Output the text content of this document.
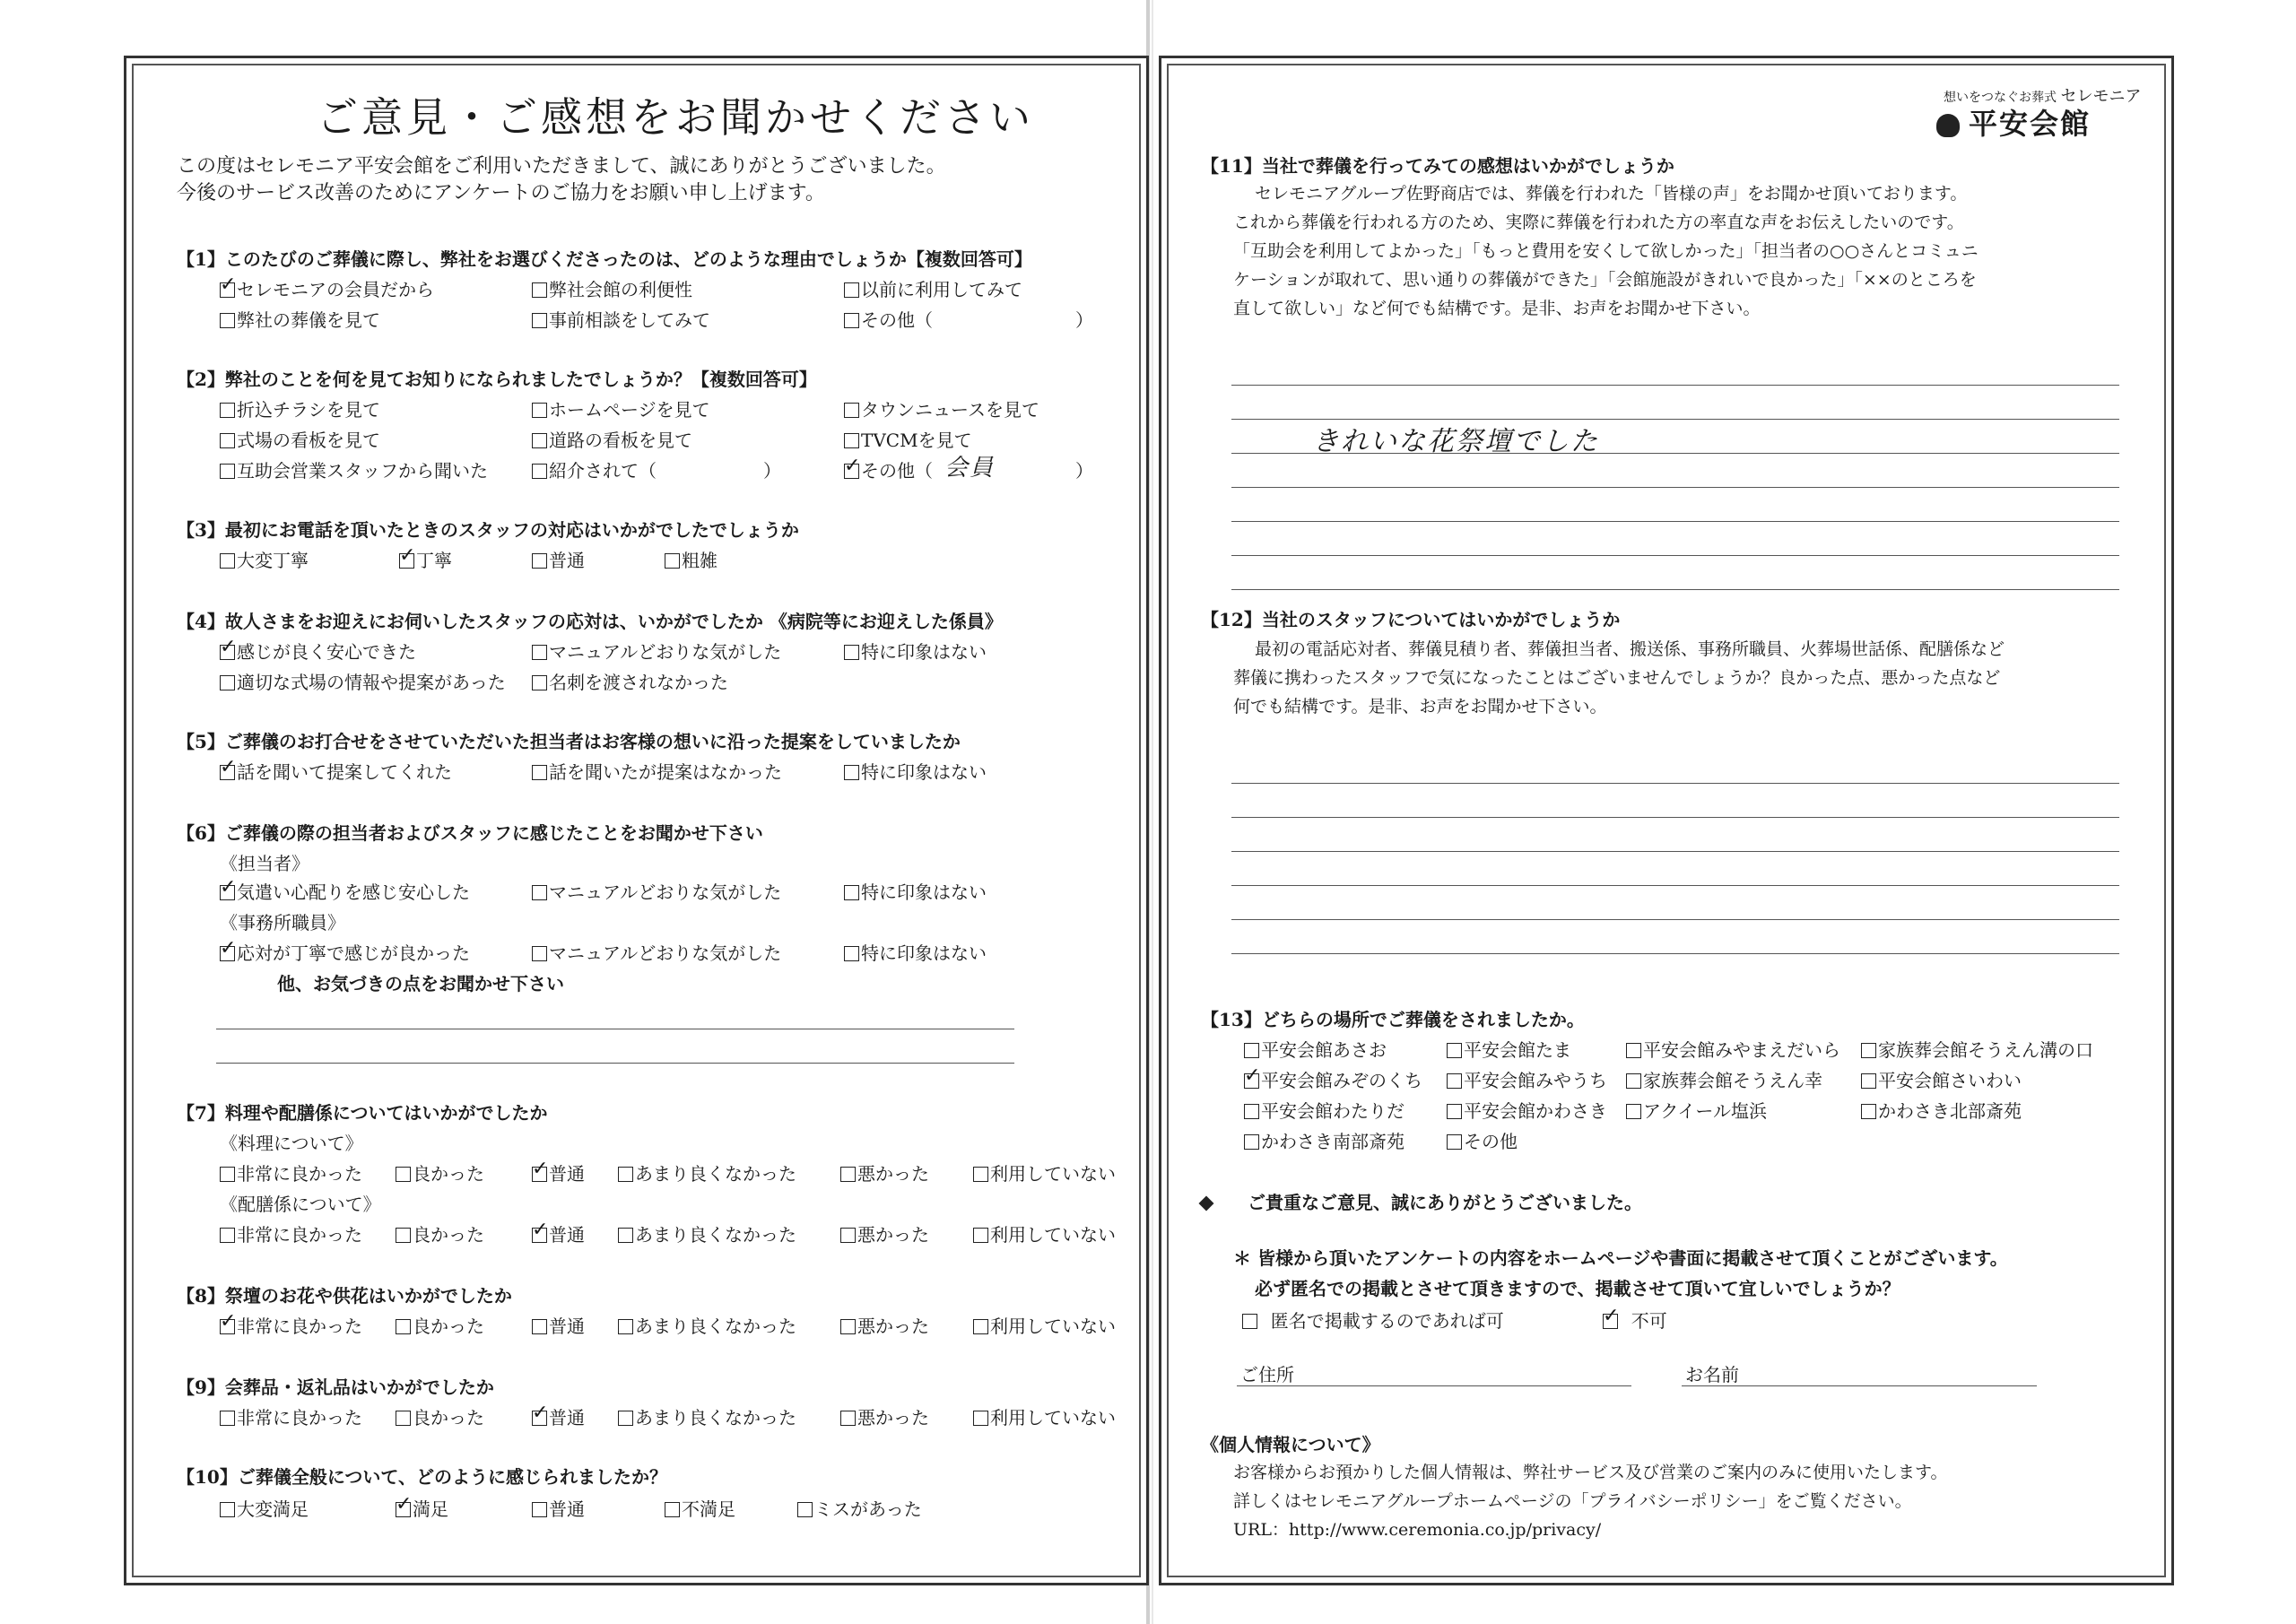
ご意見・ご感想をお聞かせください
この度はセレモニア平安会館をご利用いただきまして、誠にありがとうございました。
今後のサービス改善のためにアンケートのご協力をお願い申し上げます。
【1】このたびのご葬儀に際し、弊社をお選びくださったのは、どのような理由でしょうか【複数回答可】
✓セレモニアの会員だから	弊社会館の利便性	以前に利用してみて
弊社の葬儀を見て	事前相談をしてみて	その他（	）
【2】弊社のことを何を見てお知りになられましたでしょうか？【複数回答可】
折込チラシを見て	ホームページを見て	タウンニュースを見て
式場の看板を見て	道路の看板を見て	TVCMを見て
互助会営業スタッフから聞いた	紹介されて（	） ✓	その他（ 会員	）
【3】最初にお電話を頂いたときのスタッフの対応はいかがでしたでしょうか
大変丁寧 ✓	丁寧	普通	粗雑
【4】故人さまをお迎えにお伺いしたスタッフの応対は、いかがでしたか 《病院等にお迎えした係員》
✓感じが良く安心できた	マニュアルどおりな気がした	特に印象はない
適切な式場の情報や提案があった	名刺を渡されなかった
【5】ご葬儀のお打合せをさせていただいた担当者はお客様の想いに沿った提案をしていましたか
✓話を聞いて提案してくれた	話を聞いたが提案はなかった	特に印象はない
【6】ご葬儀の際の担当者およびスタッフに感じたことをお聞かせ下さい
《担当者》
✓気遣い心配りを感じ安心した	マニュアルどおりな気がした	特に印象はない
《事務所職員》
✓応対が丁寧で感じが良かった	マニュアルどおりな気がした	特に印象はない
他、お気づきの点をお聞かせ下さい
【7】料理や配膳係についてはいかがでしたか
《料理について》
非常に良かった	良かった ✓	普通	あまり良くなかった	悪かった	利用していない
《配膳係について》
非常に良かった	良かった ✓	普通	あまり良くなかった	悪かった	利用していない
【8】祭壇のお花や供花はいかがでしたか
✓非常に良かった	良かった	普通	あまり良くなかった	悪かった	利用していない
【9】会葬品・返礼品はいかがでしたか
非常に良かった	良かった ✓	普通	あまり良くなかった	悪かった	利用していない
【10】ご葬儀全般について、どのように感じられましたか？
大変満足 ✓	満足	普通	不満足	ミスがあった
想いをつなぐお葬式 セレモニア
平安会館
【11】当社で葬儀を行ってみての感想はいかがでしょうか
セレモニアグループ佐野商店では、葬儀を行われた「皆様の声」をお聞かせ頂いております。
これから葬儀を行われる方のため、実際に葬儀を行われた方の率直な声をお伝えしたいのです。
「互助会を利用してよかった」「もっと費用を安くして欲しかった」「担当者の○○さんとコミュニ
ケーションが取れて、思い通りの葬儀ができた」「会館施設がきれいで良かった」「××のところを
直して欲しい」など何でも結構です。是非、お声をお聞かせ下さい。
きれいな花祭壇でした
【12】当社のスタッフについてはいかがでしょうか
最初の電話応対者、葬儀見積り者、葬儀担当者、搬送係、事務所職員、火葬場世話係、配膳係など
葬儀に携わったスタッフで気になったことはございませんでしょうか？良かった点、悪かった点など
何でも結構です。是非、お声をお聞かせ下さい。
【13】どちらの場所でご葬儀をされましたか。
平安会館あさお	平安会館たま	平安会館みやまえだいら	家族葬会館そうえん溝の口
✓平安会館みぞのくち	平安会館みやうち	家族葬会館そうえん幸	平安会館さいわい
平安会館わたりだ	平安会館かわさき	アクイール塩浜	かわさき北部斎苑
かわさき南部斎苑	その他
ご貴重なご意見、誠にありがとうございました。
＊ 皆様から頂いたアンケートの内容をホームページや書面に掲載させて頂くことがございます。
必ず匿名での掲載とさせて頂きますので、掲載させて頂いて宜しいでしょうか？
匿名で掲載するのであれば可 ✓	不可
ご住所	お名前
《個人情報について》
お客様からお預かりした個人情報は、弊社サービス及び営業のご案内のみに使用いたします。
詳しくはセレモニアグループホームページの「プライバシーポリシー」をご覧ください。
URL：http://www.ceremonia.co.jp/privacy/
